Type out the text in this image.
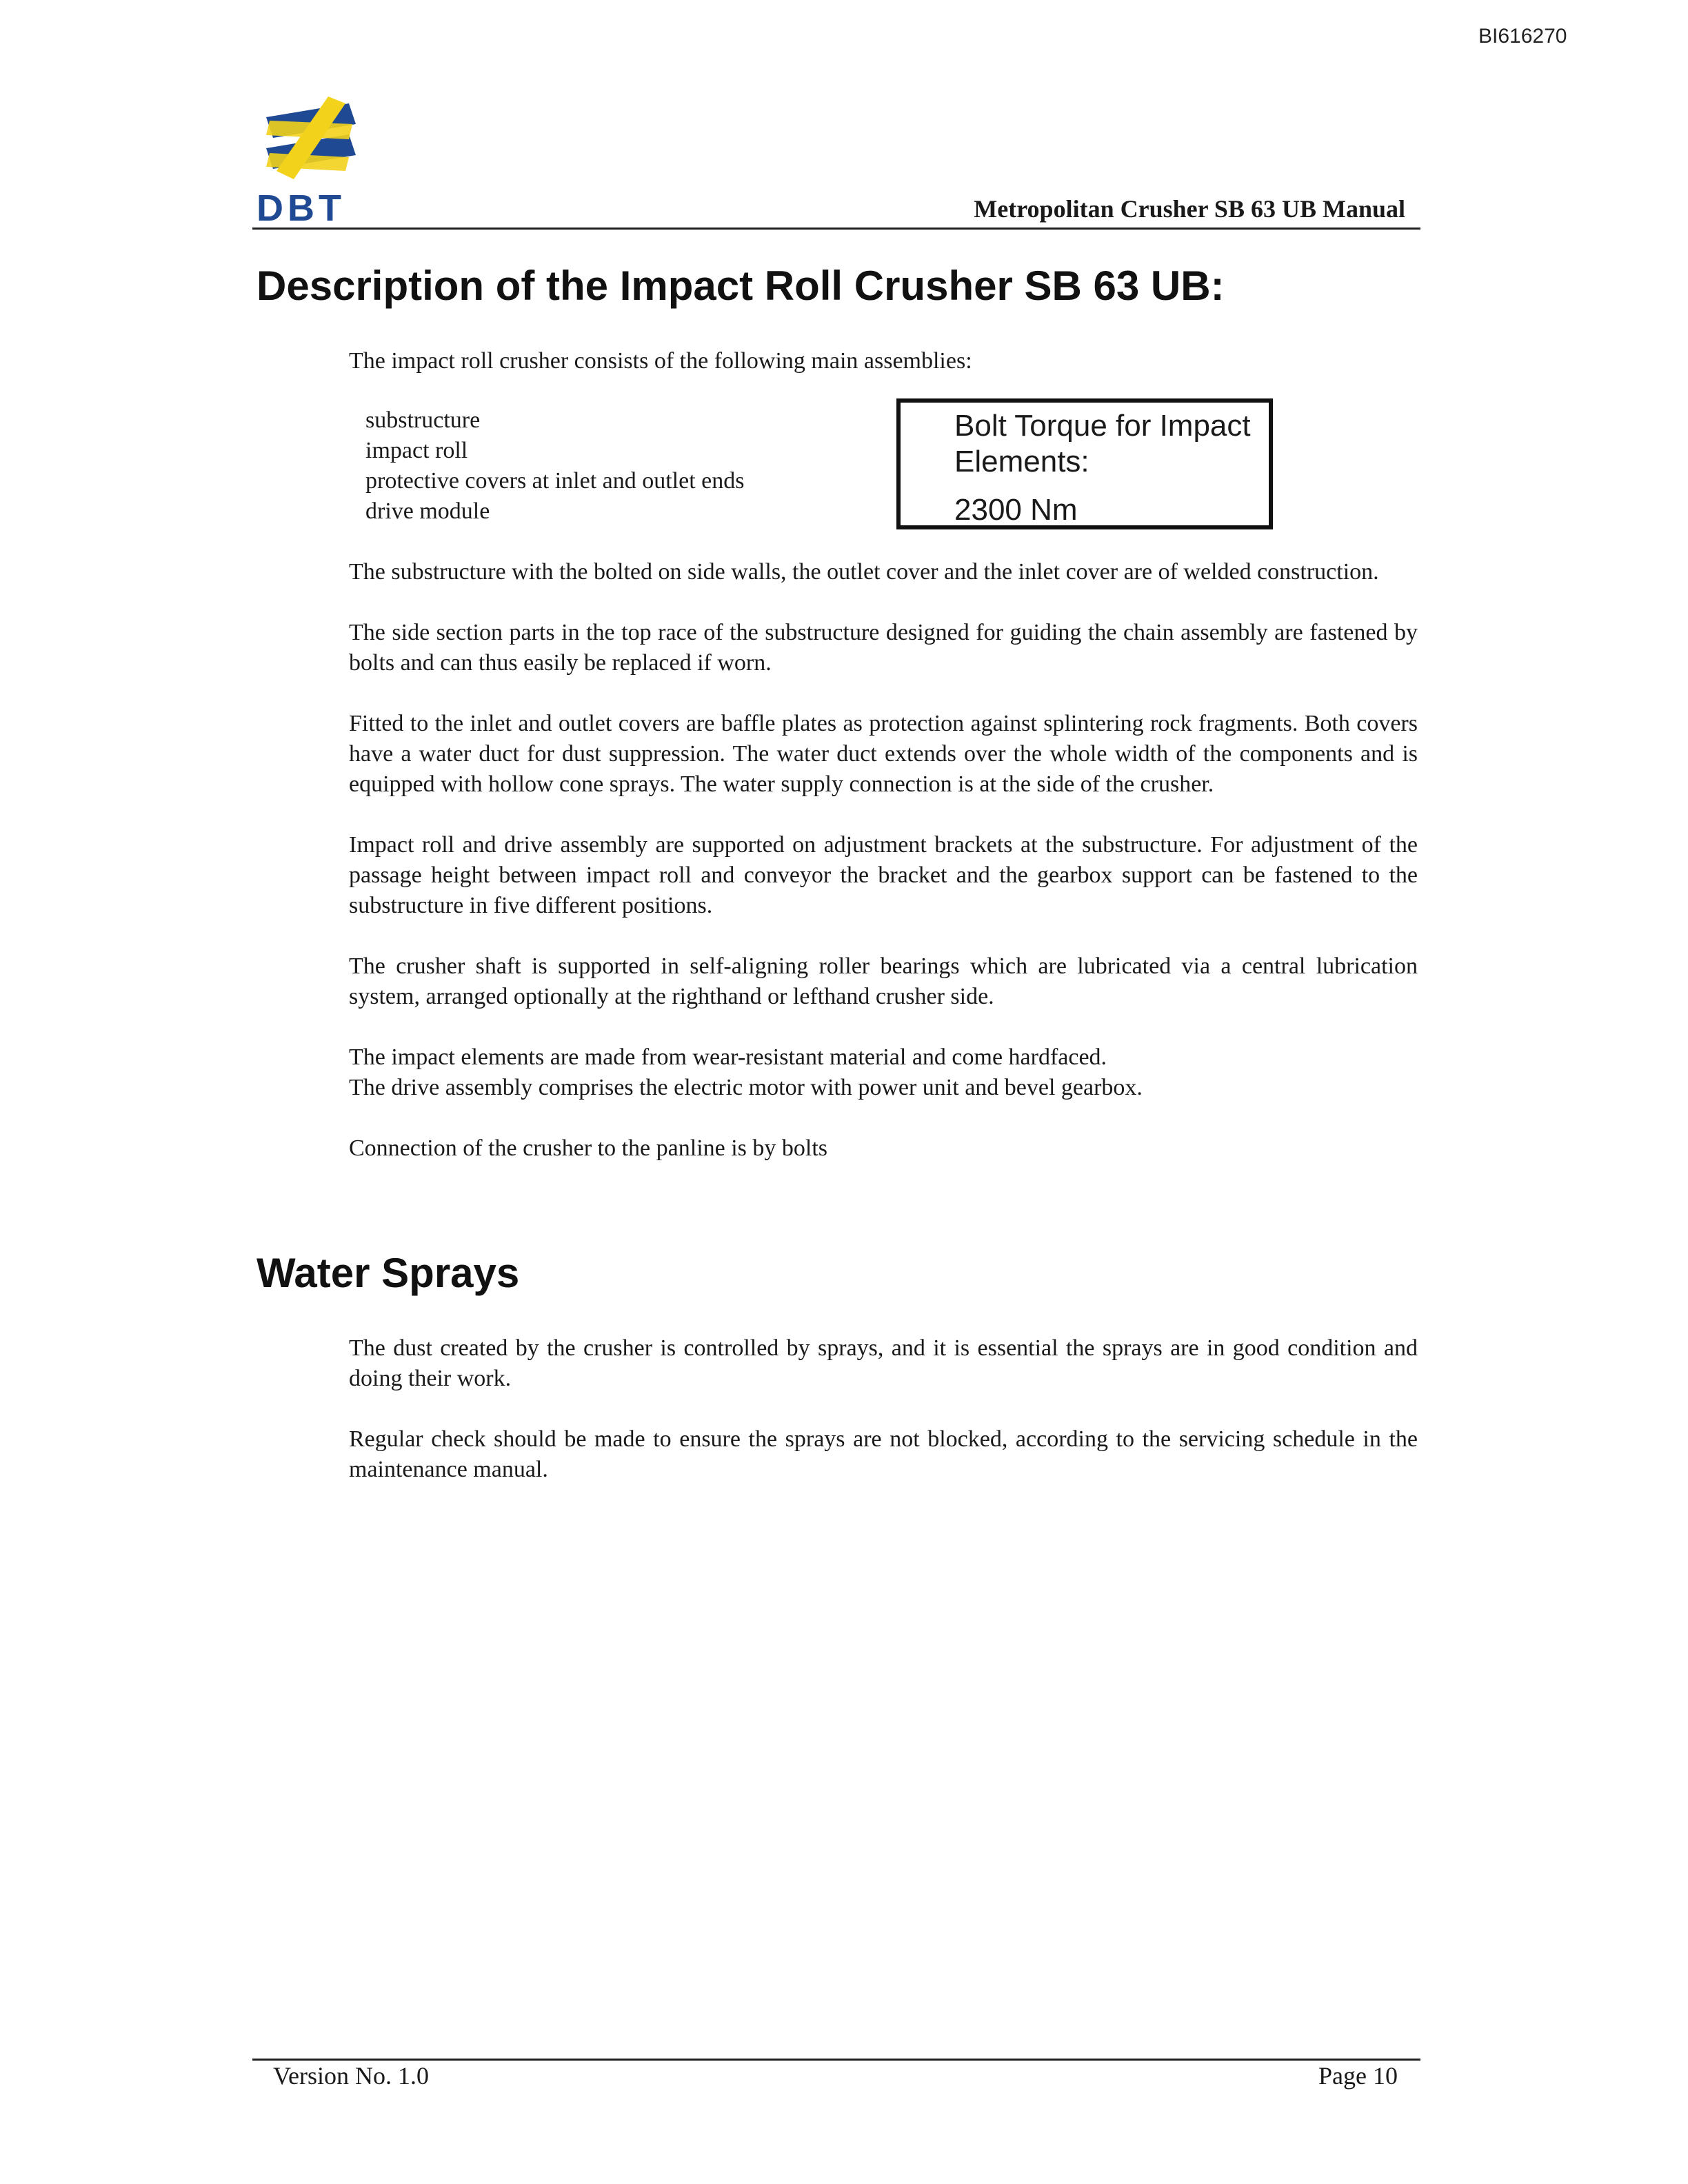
BI616270
DBT	Metropolitan Crusher SB 63 UB Manual
Description of the Impact Roll Crusher SB 63 UB:

The impact roll crusher consists of the following main assemblies:

substructure
impact roll
protective covers at inlet and outlet ends
drive module
Bolt Torque for Impact Elements:
2300 Nm

The substructure with the bolted on side walls, the outlet cover and the inlet cover are of welded construction.

The side section parts in the top race of the substructure designed for guiding the chain assembly are fastened by bolts and can thus easily be replaced if worn.

Fitted to the inlet and outlet covers are baffle plates as protection against splintering rock fragments. Both covers have a water duct for dust suppression. The water duct extends over the whole width of the components and is equipped with hollow cone sprays. The water supply connection is at the side of the crusher.

Impact roll and drive assembly are supported on adjustment brackets at the substructure. For adjustment of the passage height between impact roll and conveyor the bracket and the gearbox support can be fastened to the substructure in five different positions.

The crusher shaft is supported in self-aligning roller bearings which are lubricated via a central lubrication system, arranged optionally at the righthand or lefthand crusher side.

The impact elements are made from wear-resistant material and come hardfaced.

The drive assembly comprises the electric motor with power unit and bevel gearbox.

Connection of the crusher to the panline is by bolts

Water Sprays

The dust created by the crusher is controlled by sprays, and it is essential the sprays are in good condition and doing their work.

Regular check should be made to ensure the sprays are not blocked, according to the servicing schedule in the maintenance manual.

Version No. 1.0	Page 10
